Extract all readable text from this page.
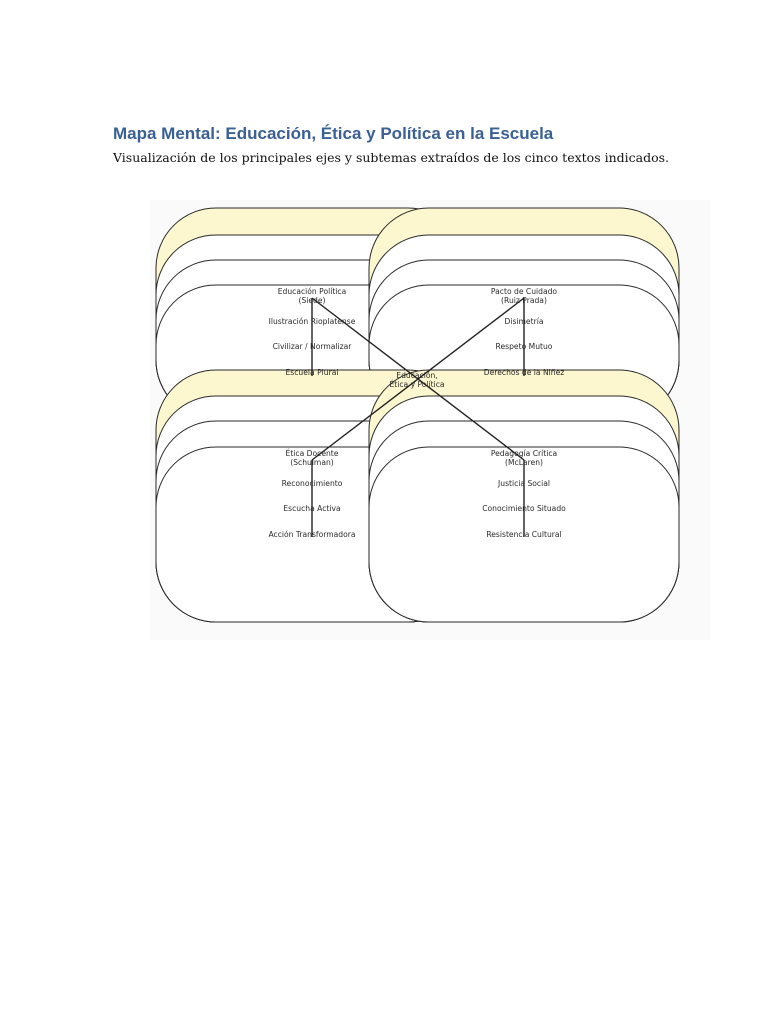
Mapa Mental: Educación, Ética y Política en la Escuela

Visualización de los principales ejes y subtemas extraídos de los cinco textos indicados.

Educación,
Ética y Política
Educación Política
(Siede)
Ilustración Rioplatense
Civilizar / Normalizar
Escuela Plural
Pacto de Cuidado
(Ruiz Prada)
Disimetría
Respeto Mutuo
Derechos de la Niñez
Ética Docente
(Schulman)
Reconocimiento
Escucha Activa
Acción Transformadora
Pedagogía Crítica
(McLaren)
Justicia Social
Conocimiento Situado
Resistencia Cultural
